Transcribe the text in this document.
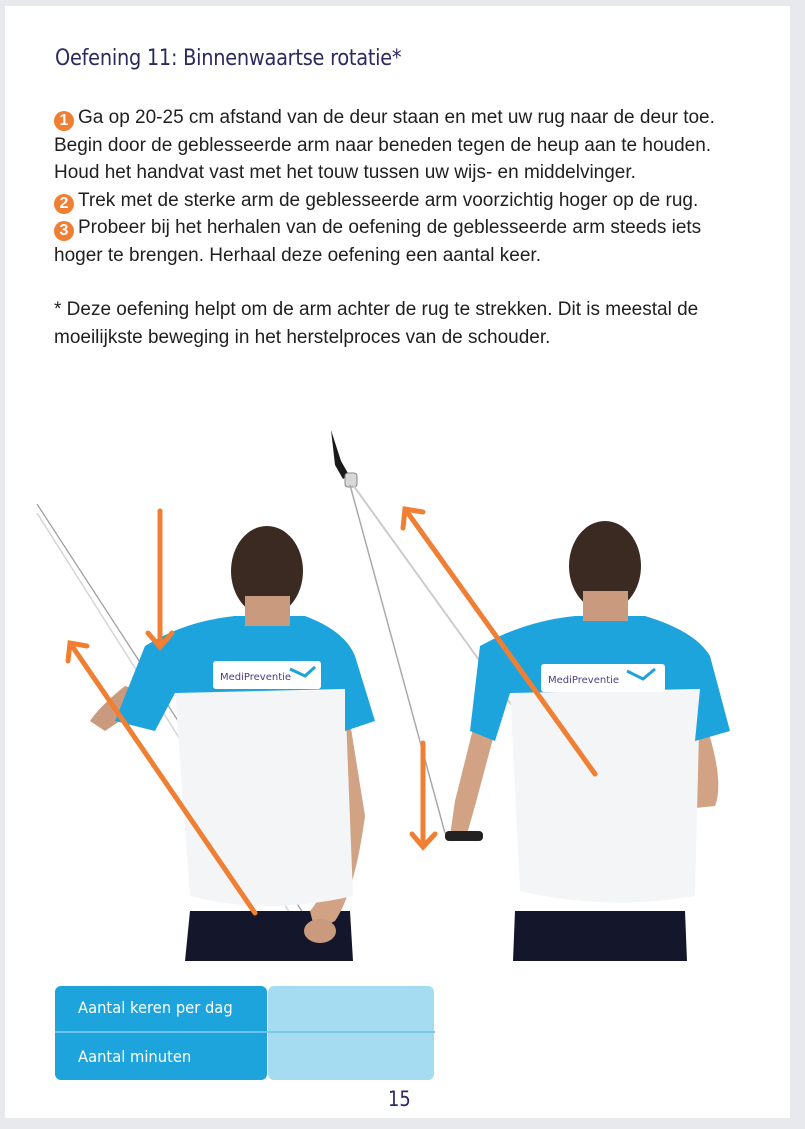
Oefening 11: Binnenwaartse rotatie*

1 Ga op 20-25 cm afstand van de deur staan en met uw rug naar de deur toe. Begin door de geblesseerde arm naar beneden tegen de heup aan te houden. Houd het handvat vast met het touw tussen uw wijs- en middelvinger.

2 Trek met de sterke arm de geblesseerde arm voorzichtig hoger op de rug.

3 Probeer bij het herhalen van de oefening de geblesseerde arm steeds iets hoger te brengen. Herhaal deze oefening een aantal keer.

* Deze oefening helpt om de arm achter de rug te strekken. Dit is meestal de moeilijkste beweging in het herstelproces van de schouder.

MediPreventie	MediPreventie
Aantal keren per dag
Aantal minuten
15
